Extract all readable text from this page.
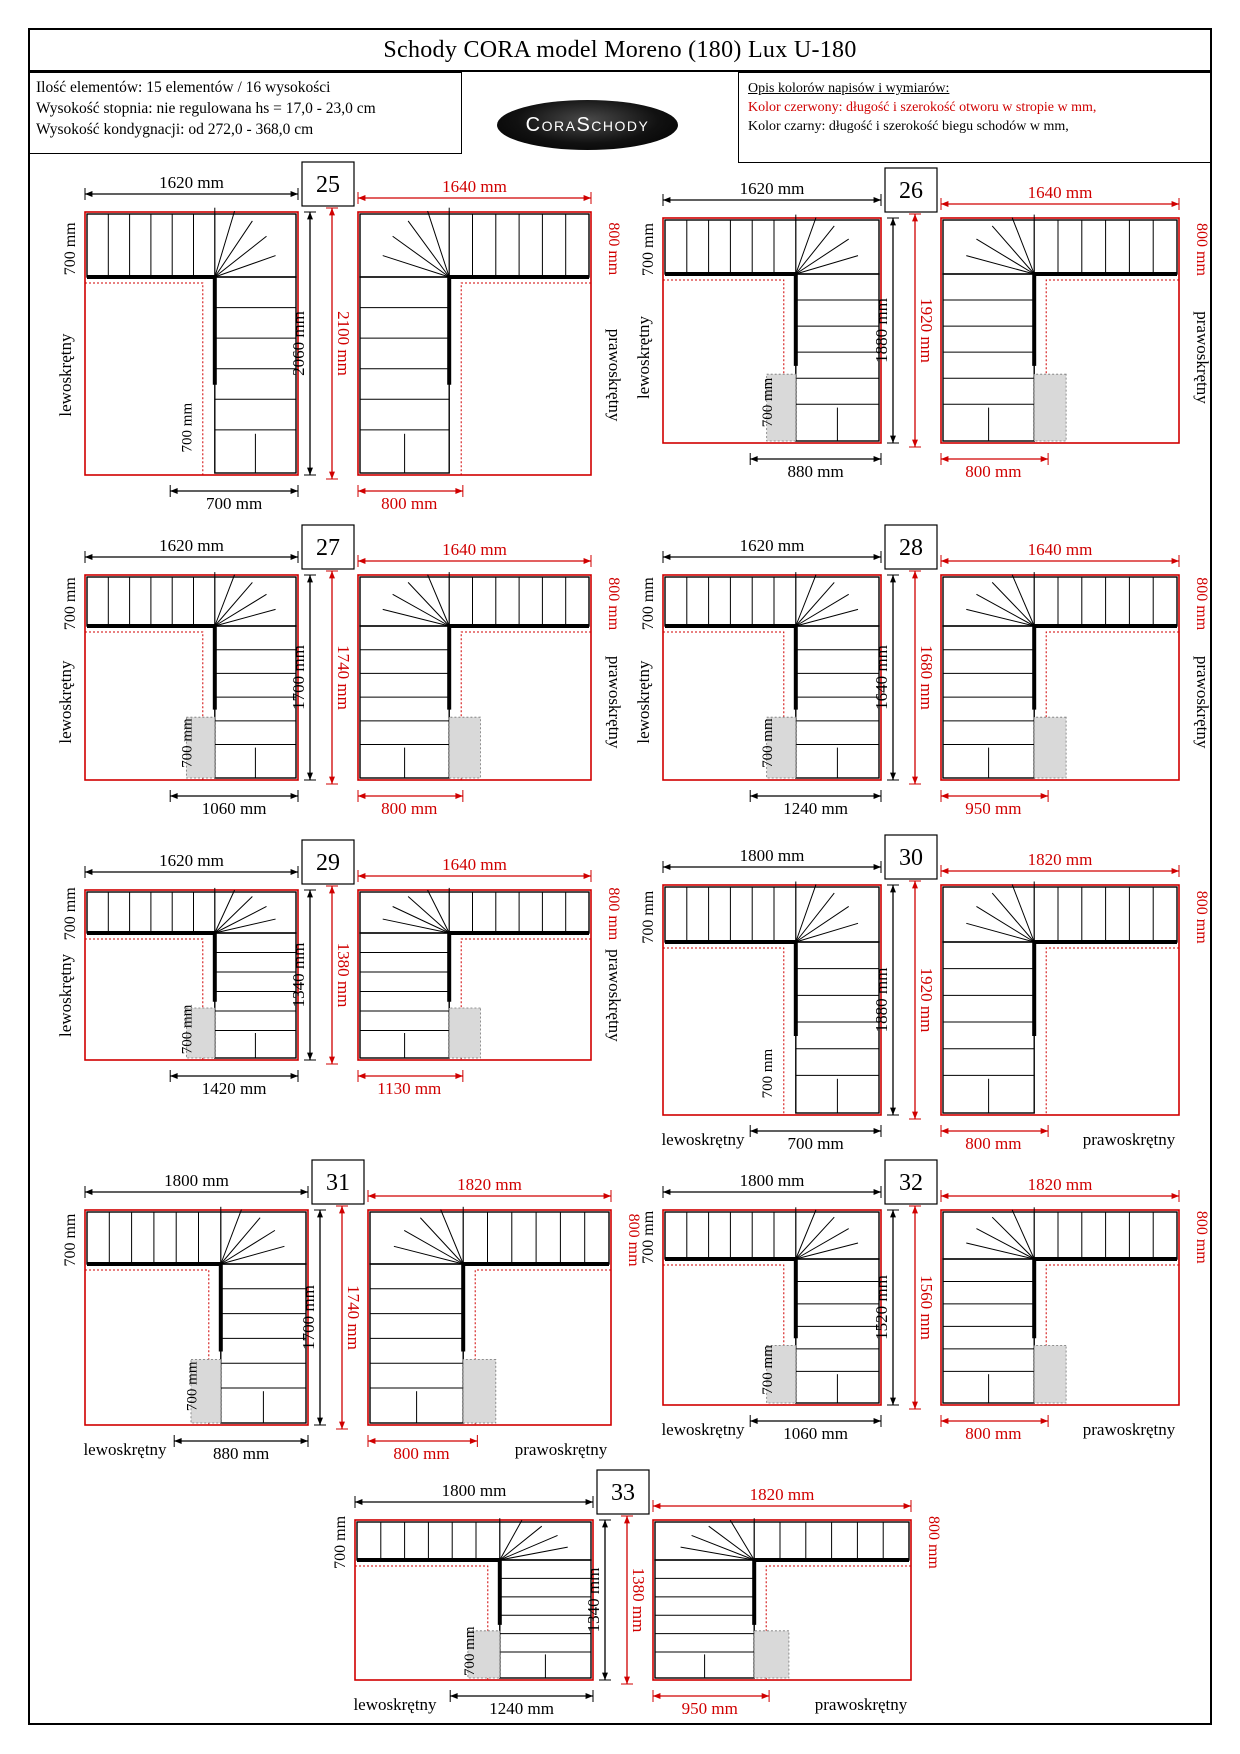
Schody CORA model Moreno (180) Lux U-180
Ilość elementów: 15 elementów / 16 wysokości
Wysokość stopnia: nie regulowana hs = 17,0 - 23,0 cm
Wysokość kondygnacji: od 272,0 - 368,0 cm	CoraSchody
Opis kolorów napisów i wymiarów:
Kolor czerwony: długość i szerokość otworu w stropie w mm,
Kolor czarny: długość i szerokość biegu schodów w mm,
25
1620 mm	1640 mm
700 mm	800 mm
2060 mm 2100 mm
700 mm	800 mm
700 mm
lewoskrętny	prawoskrętny
26
1620 mm	1640 mm
700 mm	800 mm
1880 mm 1920 mm
880 mm	800 mm
700 mm
lewoskrętny	prawoskrętny
27
1620 mm	1640 mm
700 mm	800 mm
1700 mm 1740 mm
1060 mm	800 mm
700 mm
lewoskrętny	prawoskrętny
28
1620 mm	1640 mm
700 mm	800 mm
1640 mm 1680 mm
1240 mm	950 mm
700 mm
lewoskrętny	prawoskrętny
29
1620 mm	1640 mm
700 mm	800 mm
1340 mm 1380 mm
1420 mm	1130 mm
700 mm
lewoskrętny	prawoskrętny
30
1800 mm	1820 mm
700 mm	800 mm
1880 mm 1920 mm
700 mm	800 mm
700 mm
lewoskrętny	prawoskrętny
31
1800 mm	1820 mm
700 mm	800 mm
1700 mm 1740 mm
880 mm	800 mm
700 mm
lewoskrętny	prawoskrętny
32
1800 mm	1820 mm
700 mm	800 mm
1520 mm 1560 mm
1060 mm	800 mm
700 mm
lewoskrętny	prawoskrętny
33
1800 mm	1820 mm
700 mm	800 mm
1340 mm 1380 mm
1240 mm	950 mm
700 mm
lewoskrętny	prawoskrętny
